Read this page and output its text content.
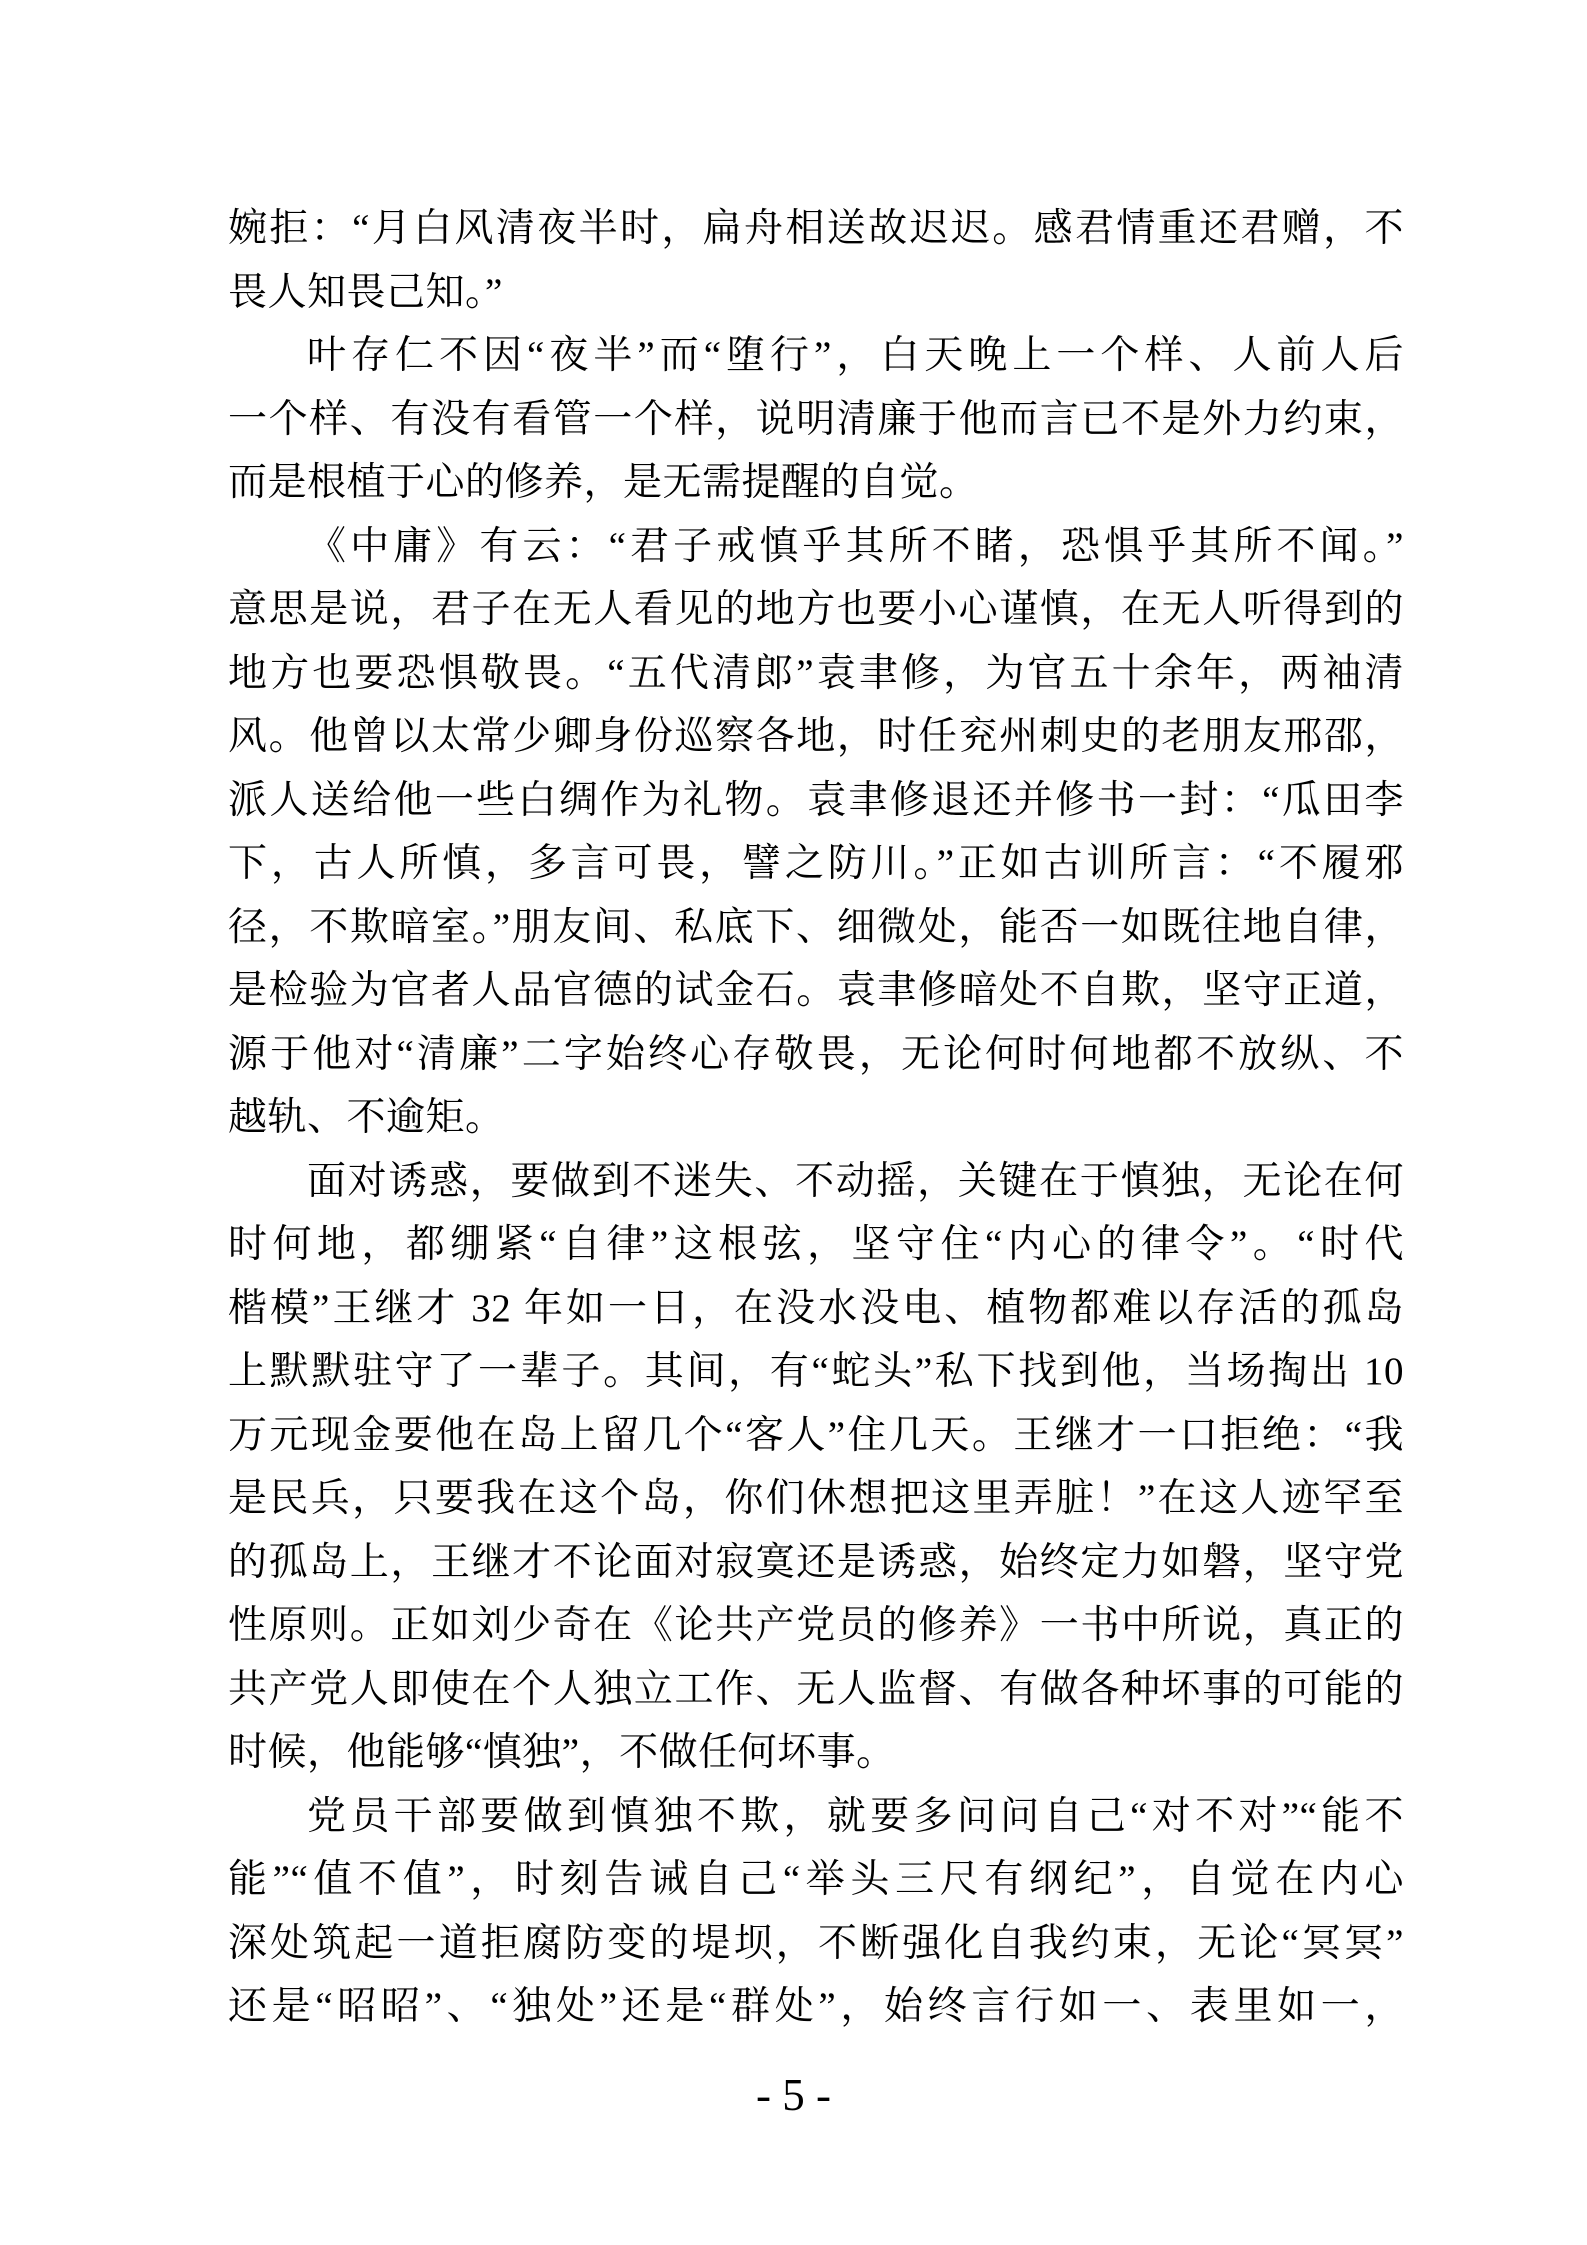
婉拒：“月白风清夜半时，扁舟相送故迟迟。感君情重还君赠，不
畏人知畏己知。”
叶存仁不因“夜半”而“堕行”，白天晚上一个样、人前人后
一个样、有没有看管一个样，说明清廉于他而言已不是外力约束，
而是根植于心的修养，是无需提醒的自觉。
《中庸》有云：“君子戒慎乎其所不睹，恐惧乎其所不闻。”
意思是说，君子在无人看见的地方也要小心谨慎，在无人听得到的
地方也要恐惧敬畏。“五代清郎”袁聿修，为官五十余年，两袖清
风。他曾以太常少卿身份巡察各地，时任兖州刺史的老朋友邢邵，
派人送给他一些白绸作为礼物。袁聿修退还并修书一封：“瓜田李
下，古人所慎，多言可畏，譬之防川。”正如古训所言：“不履邪
径，不欺暗室。”朋友间、私底下、细微处，能否一如既往地自律，
是检验为官者人品官德的试金石。袁聿修暗处不自欺，坚守正道，
源于他对“清廉”二字始终心存敬畏，无论何时何地都不放纵、不
越轨、不逾矩。
面对诱惑，要做到不迷失、不动摇，关键在于慎独，无论在何
时何地，都绷紧“自律”这根弦，坚守住“内心的律令”。“时代
楷模”王继才 32 年如一日，在没水没电、植物都难以存活的孤岛
上默默驻守了一辈子。其间，有“蛇头”私下找到他，当场掏出 10
万元现金要他在岛上留几个“客人”住几天。王继才一口拒绝：“我
是民兵，只要我在这个岛，你们休想把这里弄脏！”在这人迹罕至
的孤岛上，王继才不论面对寂寞还是诱惑，始终定力如磐，坚守党
性原则。正如刘少奇在《论共产党员的修养》一书中所说，真正的
共产党人即使在个人独立工作、无人监督、有做各种坏事的可能的
时候，他能够“慎独”，不做任何坏事。
党员干部要做到慎独不欺，就要多问问自己“对不对”“能不
能”“值不值”，时刻告诫自己“举头三尺有纲纪”，自觉在内心
深处筑起一道拒腐防变的堤坝，不断强化自我约束，无论“冥冥”
还是“昭昭”、“独处”还是“群处”，始终言行如一、表里如一，
- 5 -
